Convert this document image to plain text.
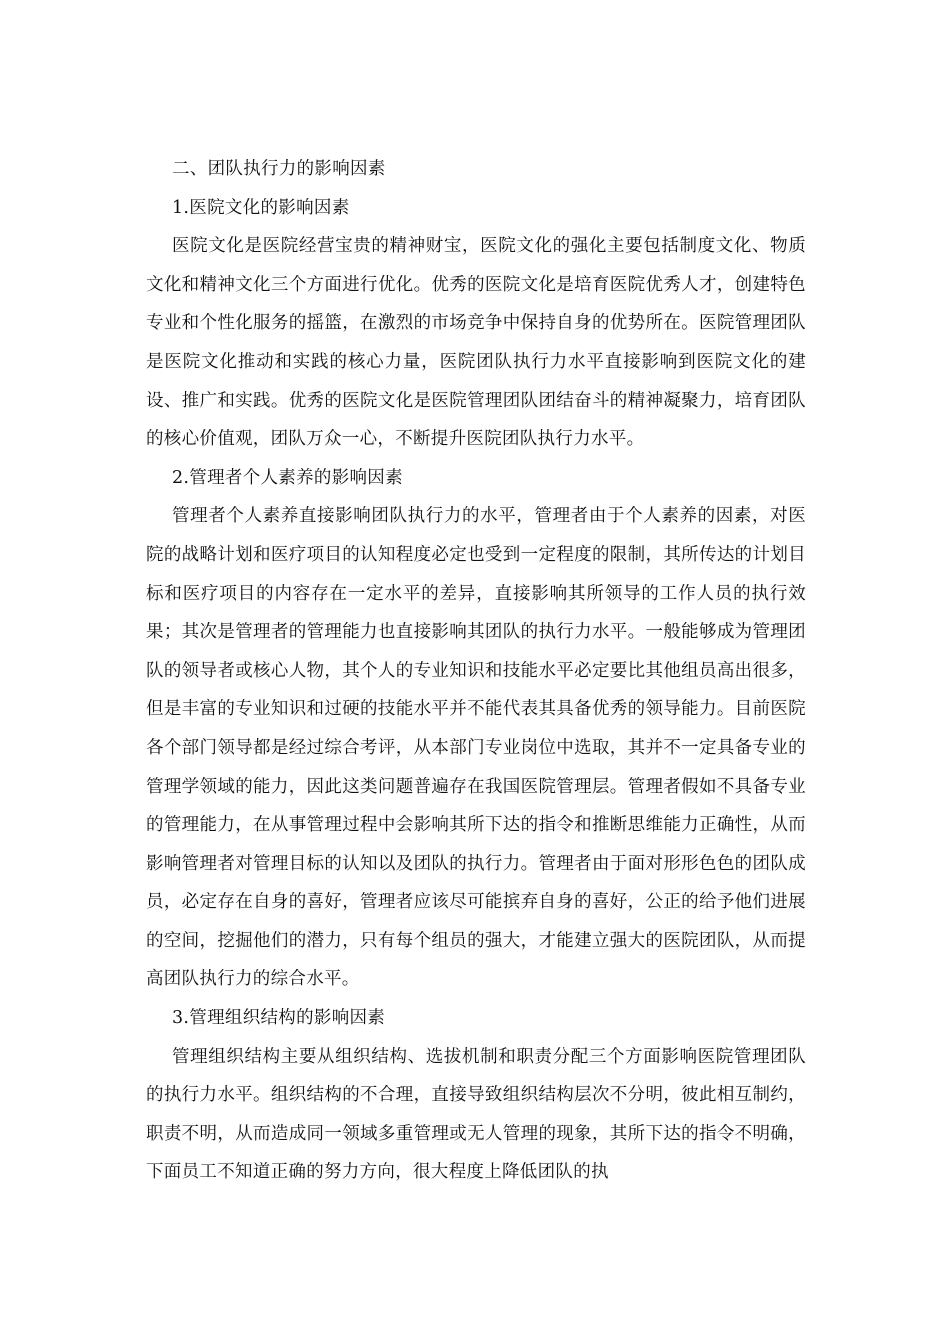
二、团队执行力的影响因素

1.医院文化的影响因素

医院文化是医院经营宝贵的精神财宝，医院文化的强化主要包括制度文化、物质文化和精神文化三个方面进行优化。优秀的医院文化是培育医院优秀人才，创建特色专业和个性化服务的摇篮，在激烈的市场竞争中保持自身的优势所在。医院管理团队是医院文化推动和实践的核心力量，医院团队执行力水平直接影响到医院文化的建设、推广和实践。优秀的医院文化是医院管理团队团结奋斗的精神凝聚力，培育团队的核心价值观，团队万众一心，不断提升医院团队执行力水平。

2.管理者个人素养的影响因素

管理者个人素养直接影响团队执行力的水平，管理者由于个人素养的因素，对医院的战略计划和医疗项目的认知程度必定也受到一定程度的限制，其所传达的计划目标和医疗项目的内容存在一定水平的差异，直接影响其所领导的工作人员的执行效果；其次是管理者的管理能力也直接影响其团队的执行力水平。一般能够成为管理团队的领导者或核心人物，其个人的专业知识和技能水平必定要比其他组员高出很多，但是丰富的专业知识和过硬的技能水平并不能代表其具备优秀的领导能力。目前医院各个部门领导都是经过综合考评，从本部门专业岗位中选取，其并不一定具备专业的管理学领域的能力，因此这类问题普遍存在我国医院管理层。管理者假如不具备专业的管理能力，在从事管理过程中会影响其所下达的指令和推断思维能力正确性，从而影响管理者对管理目标的认知以及团队的执行力。管理者由于面对形形色色的团队成员，必定存在自身的喜好，管理者应该尽可能摈弃自身的喜好，公正的给予他们进展的空间，挖掘他们的潜力，只有每个组员的强大，才能建立强大的医院团队，从而提高团队执行力的综合水平。

3.管理组织结构的影响因素

管理组织结构主要从组织结构、选拔机制和职责分配三个方面影响医院管理团队的执行力水平。组织结构的不合理，直接导致组织结构层次不分明，彼此相互制约，职责不明，从而造成同一领域多重管理或无人管理的现象，其所下达的指令不明确，下面员工不知道正确的努力方向，很大程度上降低团队的执
